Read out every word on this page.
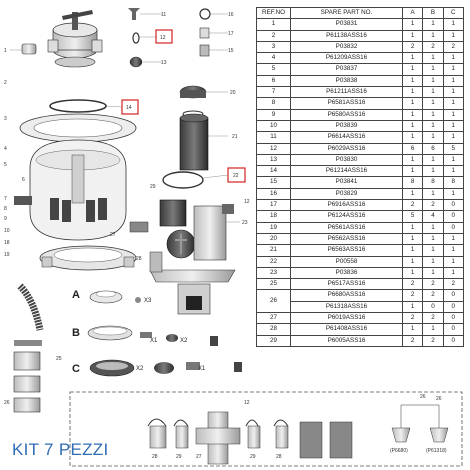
11
12
13
16
17
15
14
20
21
22
12
23
1
2
3
4
5
6
7
8
9
10
18
19
25
26
27
28
29
26
A
B
C
X3
X1	X2
X1
X2
28	29	27
12
29	28
26
(P6680)	(P61318)
REF.NO	SPARE PART NO.	A	B	C
1	P03831	1	1	1
2	P61138ASS16	1	1	1
3	P03832	2	2	2
4	P61209ASS16	1	1	1
5	P03837	1	1	1
6	P03838	1	1	1
7	P61211ASS16	1	1	1
8	P6581ASS16	1	1	1
9	P6580ASS16	1	1	1
10	P03839	1	1	1
11	P6614ASS16	1	1	1
12	P6029ASS16	6	6	5
13	P03830	1	1	1
14	P61214ASS16	1	1	1
15	P03841	8	8	8
16	P03829	1	1	1
17	P6916ASS16	2	2	0
18	P6124ASS16	5	4	0
19	P6561ASS16	1	1	0
20	P6562ASS16	1	1	1
21	P6563ASS16	1	1	1
22	P00558	1	1	1
23	P03836	1	1	1
25	P6517ASS16	2	2	2
26	P6680ASS16	2	2	0
	P61318ASS16	1	0	0
27	P6019ASS16	2	2	0
28	P61408ASS16	1	1	0
29	P6005ASS16	2	2	0
KIT 7 PEZZI
